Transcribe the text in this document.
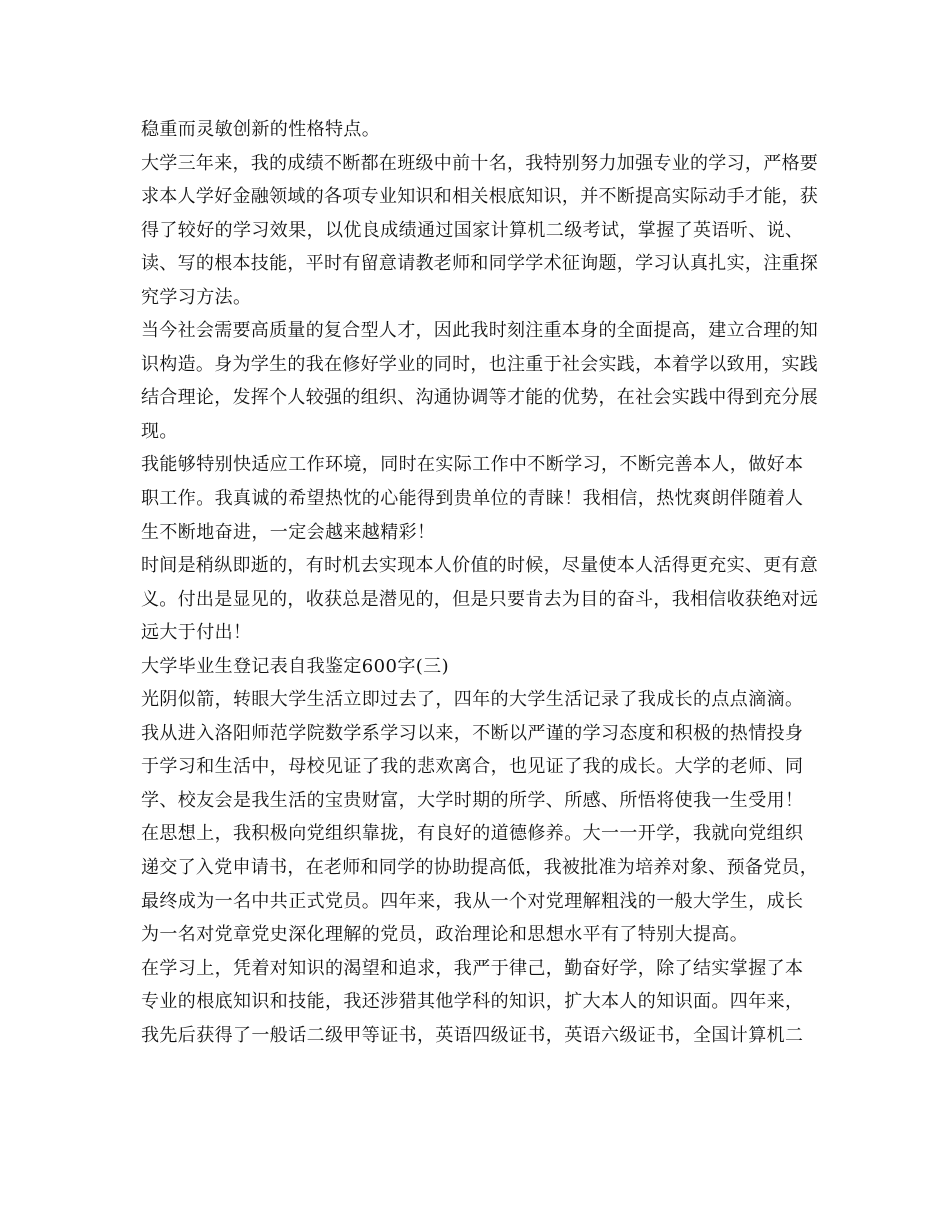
稳重而灵敏创新的性格特点。
大学三年来，我的成绩不断都在班级中前十名，我特别努力加强专业的学习，严格要
求本人学好金融领域的各项专业知识和相关根底知识，并不断提高实际动手才能，获
得了较好的学习效果，以优良成绩通过国家计算机二级考试，掌握了英语听、说、
读、写的根本技能，平时有留意请教老师和同学学术征询题，学习认真扎实，注重探
究学习方法。
当今社会需要高质量的复合型人才，因此我时刻注重本身的全面提高，建立合理的知
识构造。身为学生的我在修好学业的同时，也注重于社会实践，本着学以致用，实践
结合理论，发挥个人较强的组织、沟通协调等才能的优势，在社会实践中得到充分展
现。
我能够特别快适应工作环境，同时在实际工作中不断学习，不断完善本人，做好本
职工作。我真诚的希望热忱的心能得到贵单位的青睐！我相信，热忱爽朗伴随着人
生不断地奋进，一定会越来越精彩！
时间是稍纵即逝的，有时机去实现本人价值的时候，尽量使本人活得更充实、更有意
义。付出是显见的，收获总是潜见的，但是只要肯去为目的奋斗，我相信收获绝对远
远大于付出！
大学毕业生登记表自我鉴定600字(三)
光阴似箭，转眼大学生活立即过去了，四年的大学生活记录了我成长的点点滴滴。
我从进入洛阳师范学院数学系学习以来，不断以严谨的学习态度和积极的热情投身
于学习和生活中，母校见证了我的悲欢离合，也见证了我的成长。大学的老师、同
学、校友会是我生活的宝贵财富，大学时期的所学、所感、所悟将使我一生受用！
在思想上，我积极向党组织靠拢，有良好的道德修养。大一一开学，我就向党组织
递交了入党申请书，在老师和同学的协助提高低，我被批准为培养对象、预备党员，
最终成为一名中共正式党员。四年来，我从一个对党理解粗浅的一般大学生，成长
为一名对党章党史深化理解的党员，政治理论和思想水平有了特别大提高。
在学习上，凭着对知识的渴望和追求，我严于律己，勤奋好学，除了结实掌握了本
专业的根底知识和技能，我还涉猎其他学科的知识，扩大本人的知识面。四年来，
我先后获得了一般话二级甲等证书，英语四级证书，英语六级证书，全国计算机二
